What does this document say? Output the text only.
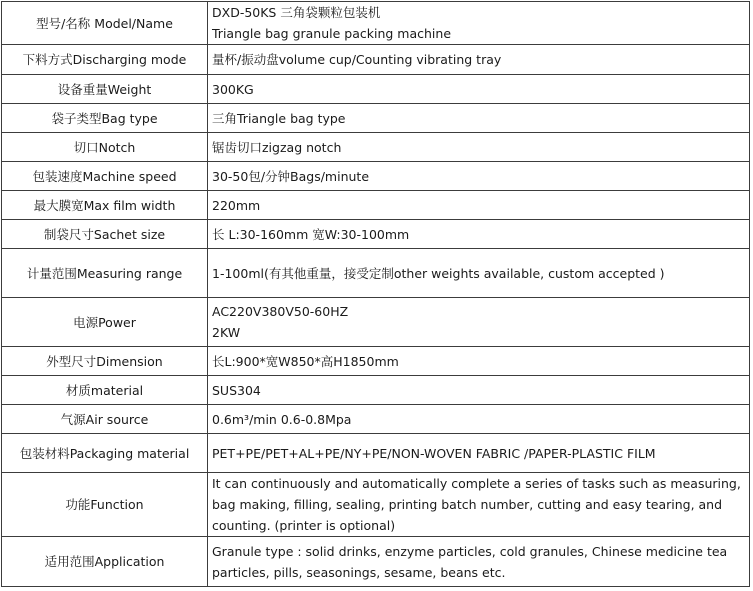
型号/名称 Model/Name	DXD-50KS 三角袋颗粒包装机
Triangle bag granule packing machine
下料方式Discharging mode	量杯/振动盘volume cup/Counting vibrating tray
设备重量Weight	300KG
袋子类型Bag type	三角Triangle bag type
切口Notch	锯齿切口zigzag notch
包装速度Machine speed	30-50包/分钟Bags/minute
最大膜宽Max film width	220mm
制袋尺寸Sachet size	长 L:30-160mm 宽W:30-100mm
计量范围Measuring range	1-100ml(有其他重量，接受定制other weights available, custom accepted )
电源Power	AC220V380V50-60HZ
2KW
外型尺寸Dimension	长L:900*宽W850*高H1850mm
材质material	SUS304
气源Air source	0.6m³/min 0.6-0.8Mpa
包装材料Packaging material	PET+PE/PET+AL+PE/NY+PE/NON-WOVEN FABRIC /PAPER-PLASTIC FILM
功能Function	It can continuously and automatically complete a series of tasks such as measuring, bag making, filling, sealing, printing batch number, cutting and easy tearing, and counting. (printer is optional)
适用范围Application	Granule type : solid drinks, enzyme particles, cold granules, Chinese medicine tea particles, pills, seasonings, sesame, beans etc.
